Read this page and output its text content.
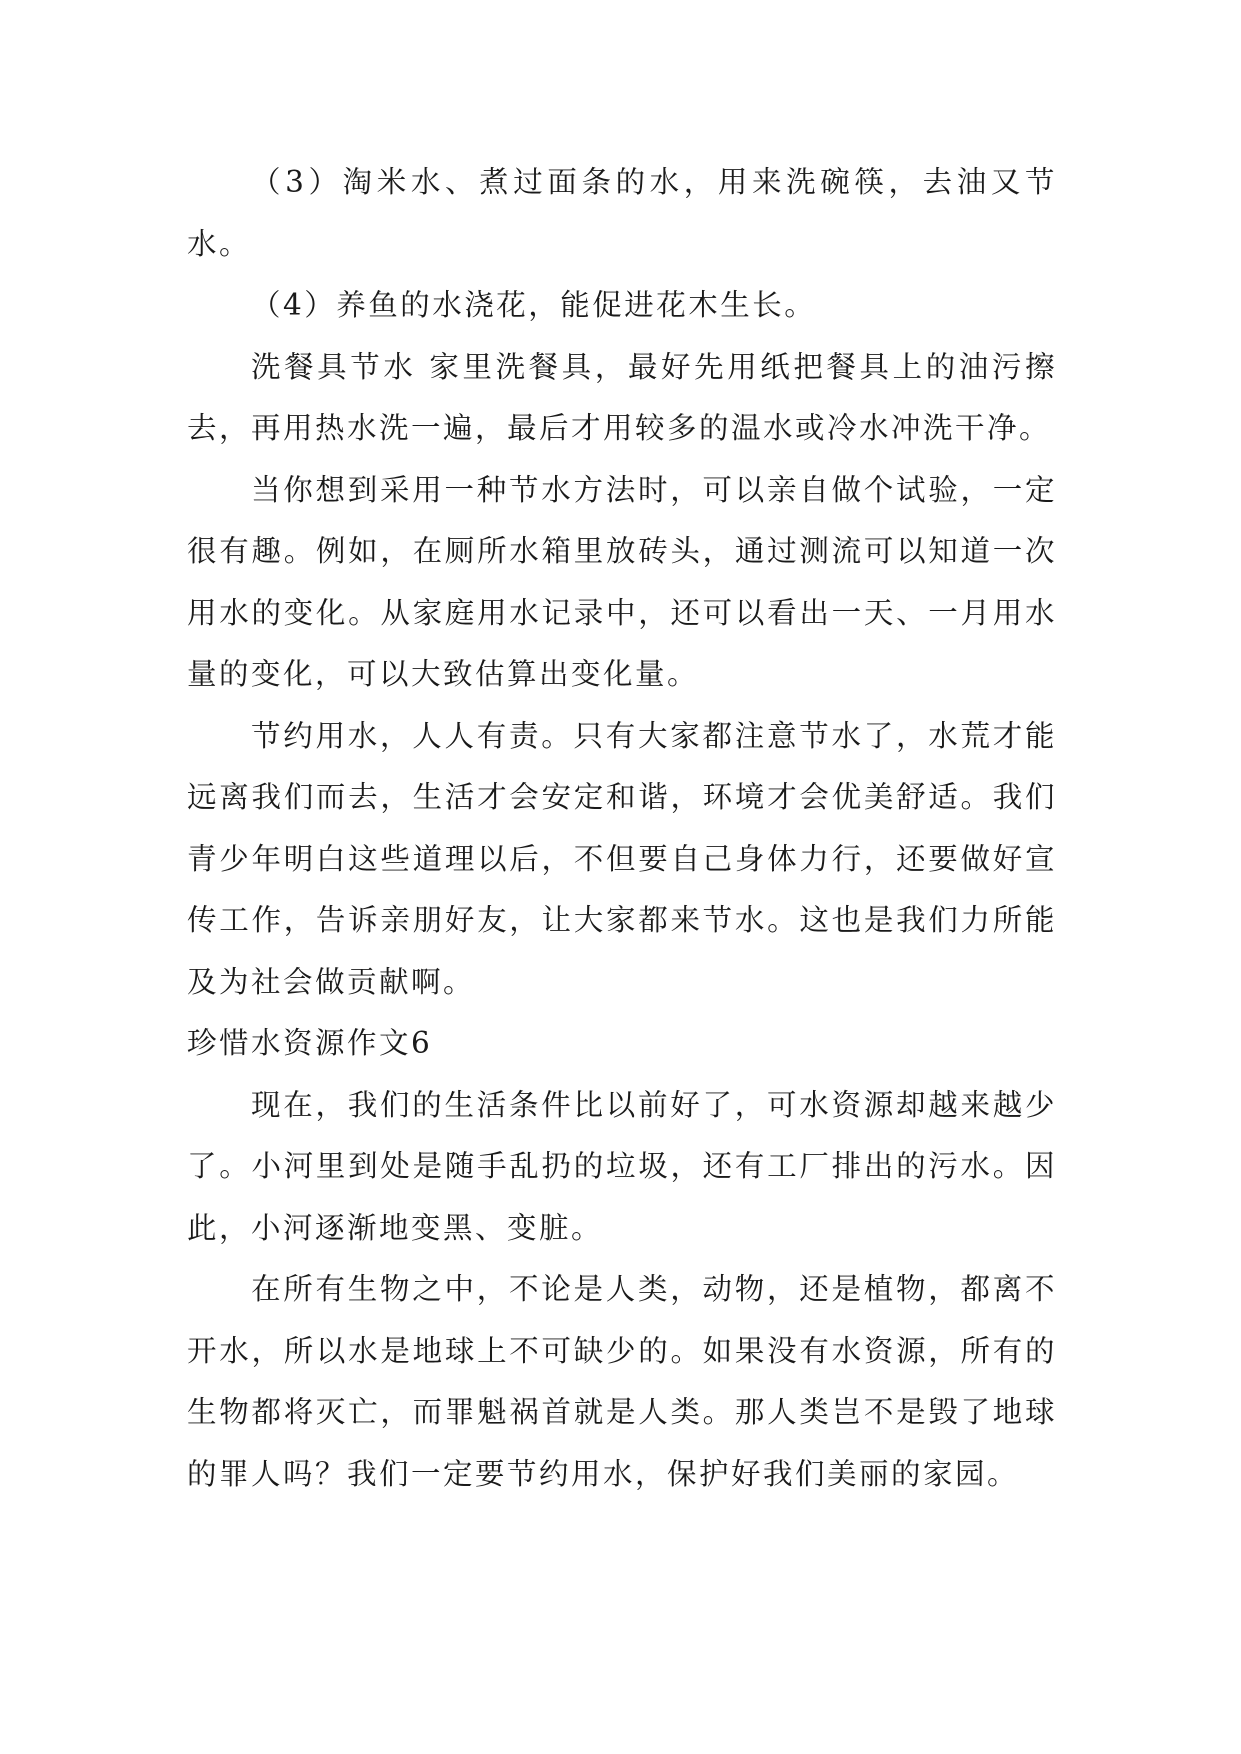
（3）淘米水、煮过面条的水，用来洗碗筷，去油又节水。

（4）养鱼的水浇花，能促进花木生长。

洗餐具节水 家里洗餐具，最好先用纸把餐具上的油污擦去，再用热水洗一遍，最后才用较多的温水或冷水冲洗干净。

当你想到采用一种节水方法时，可以亲自做个试验，一定很有趣。例如，在厕所水箱里放砖头，通过测流可以知道一次用水的变化。从家庭用水记录中，还可以看出一天、一月用水量的变化，可以大致估算出变化量。

节约用水，人人有责。只有大家都注意节水了，水荒才能远离我们而去，生活才会安定和谐，环境才会优美舒适。我们青少年明白这些道理以后，不但要自己身体力行，还要做好宣传工作，告诉亲朋好友，让大家都来节水。这也是我们力所能及为社会做贡献啊。

珍惜水资源作文6

现在，我们的生活条件比以前好了，可水资源却越来越少了。小河里到处是随手乱扔的垃圾，还有工厂排出的污水。因此，小河逐渐地变黑、变脏。

在所有生物之中，不论是人类，动物，还是植物，都离不开水，所以水是地球上不可缺少的。如果没有水资源，所有的生物都将灭亡，而罪魁祸首就是人类。那人类岂不是毁了地球的罪人吗？我们一定要节约用水，保护好我们美丽的家园。
